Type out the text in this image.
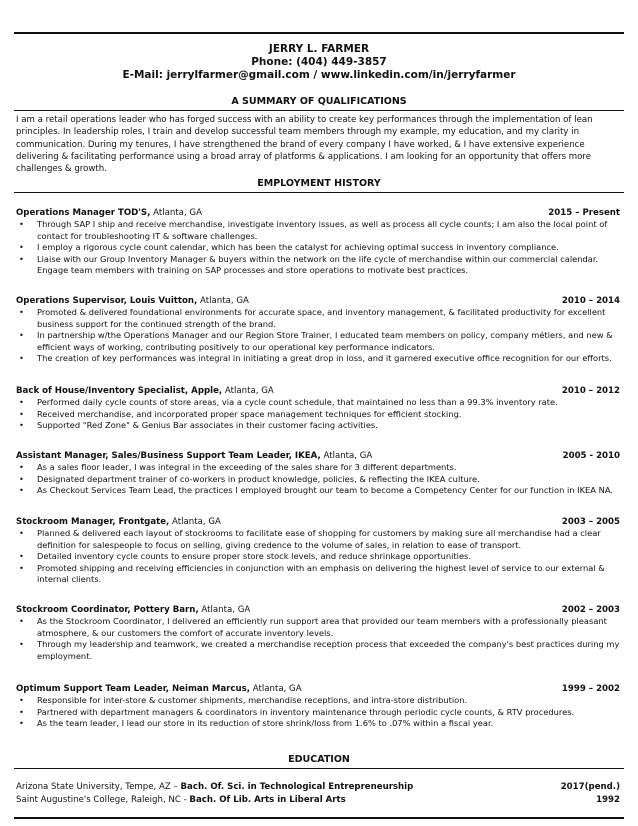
JERRY L. FARMER
Phone: (404) 449-3857
E-Mail: jerrylfarmer@gmail.com / www.linkedin.com/in/jerryfarmer
A SUMMARY OF QUALIFICATIONS
I am a retail operations leader who has forged success with an ability to create key performances through the implementation of lean principles. In leadership roles, I train and develop successful team members through my example, my education, and my clarity in communication. During my tenures, I have strengthened the brand of every company I have worked, & I have extensive experience delivering & facilitating performance using a broad array of platforms & applications. I am looking for an opportunity that offers more challenges & growth.
EMPLOYMENT HISTORY
Operations Manager TOD'S, Atlanta, GA	2015 – Present
• Through SAP I ship and receive merchandise, investigate inventory issues, as well as process all cycle counts; I am also the local point of contact for troubleshooting IT & software challenges.
• I employ a rigorous cycle count calendar, which has been the catalyst for achieving optimal success in inventory compliance.
• Liaise with our Group Inventory Manager & buyers within the network on the life cycle of merchandise within our commercial calendar. Engage team members with training on SAP processes and store operations to motivate best practices.
Operations Supervisor, Louis Vuitton, Atlanta, GA	2010 – 2014
• Promoted & delivered foundational environments for accurate space, and inventory management, & facilitated productivity for excellent business support for the continued strength of the brand.
• In partnership w/the Operations Manager and our Region Store Trainer, I educated team members on policy, company métiers, and new & efficient ways of working, contributing positively to our operational key performance indicators.
• The creation of key performances was integral in initiating a great drop in loss, and it garnered executive office recognition for our efforts.
Back of House/Inventory Specialist, Apple, Atlanta, GA	2010 – 2012
• Performed daily cycle counts of store areas, via a cycle count schedule, that maintained no less than a 99.3% inventory rate.
• Received merchandise, and incorporated proper space management techniques for efficient stocking.
• Supported "Red Zone" & Genius Bar associates in their customer facing activities.
Assistant Manager, Sales/Business Support Team Leader, IKEA, Atlanta, GA	2005 - 2010
• As a sales floor leader, I was integral in the exceeding of the sales share for 3 different departments.
• Designated department trainer of co-workers in product knowledge, policies, & reflecting the IKEA culture.
• As Checkout Services Team Lead, the practices I employed brought our team to become a Competency Center for our function in IKEA NA.
Stockroom Manager, Frontgate, Atlanta, GA	2003 – 2005
• Planned & delivered each layout of stockrooms to facilitate ease of shopping for customers by making sure all merchandise had a clear definition for salespeople to focus on selling, giving credence to the volume of sales, in relation to ease of transport.
• Detailed inventory cycle counts to ensure proper store stock levels, and reduce shrinkage opportunities.
• Promoted shipping and receiving efficiencies in conjunction with an emphasis on delivering the highest level of service to our external & internal clients.
Stockroom Coordinator, Pottery Barn, Atlanta, GA	2002 – 2003
• As the Stockroom Coordinator, I delivered an efficiently run support area that provided our team members with a professionally pleasant atmosphere, & our customers the comfort of accurate inventory levels.
• Through my leadership and teamwork, we created a merchandise reception process that exceeded the company's best practices during my employment.
Optimum Support Team Leader, Neiman Marcus, Atlanta, GA	1999 – 2002
• Responsible for inter-store & customer shipments, merchandise receptions, and intra-store distribution.
• Partnered with department managers & coordinators in inventory maintenance through periodic cycle counts, & RTV procedures.
• As the team leader, I lead our store in its reduction of store shrink/loss from 1.6% to .07% within a fiscal year.
EDUCATION
Arizona State University, Tempe, AZ – Bach. Of. Sci. in Technological Entrepreneurship	2017(pend.)
Saint Augustine's College, Raleigh, NC - Bach. Of Lib. Arts in Liberal Arts	1992
